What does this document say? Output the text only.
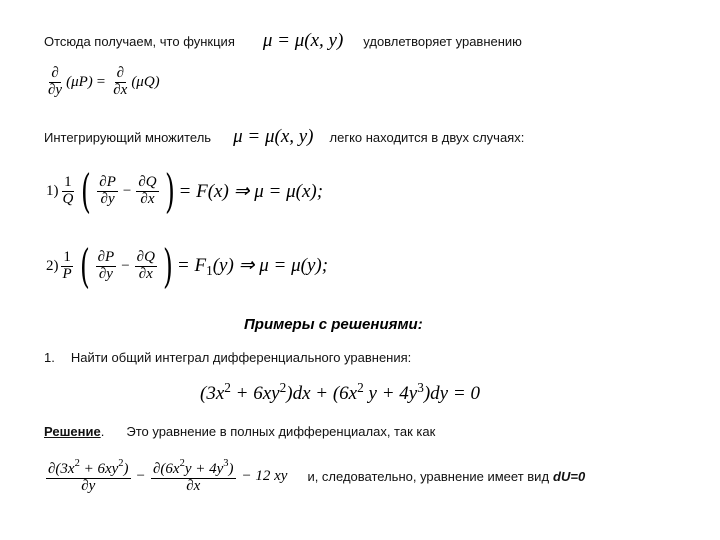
Отсюда получаем, что функция μ = μ(x, y) удовлетворяет уравнению
$\frac{\partial}{\partial y} (\mu P) = \frac{\partial}{\partial x} (\mu Q)$
Интегрирующий множитель μ = μ(x, y) легко находится в двух случаях:
$1) \frac{1}{Q}$ ( $\frac{\partial P}{\partial y} - \frac{\partial Q}{\partial x}$ ) = F(x) ⇒ μ = μ(x);
$2) \frac{1}{P}$ ( $\frac{\partial P}{\partial y} - \frac{\partial Q}{\partial x}$ ) = $F_1(y)$ ⇒ μ = μ(y);
Примеры с решениями:
1. Найти общий интеграл дифференциального уравнения:
$(3x^2 + 6xy^2)dx + (6x^2$ $y + 4y^3)dy = 0$
Решение . Это уравнение в полных дифференциалах, так как
$\frac{\partial(3x^2 + 6xy^2)}{\partial y} - \frac{\partial(6x^2y + 4y^3)}{\partial x} - 12$ xy и, следовательно, уравнение имеет вид dU=0
